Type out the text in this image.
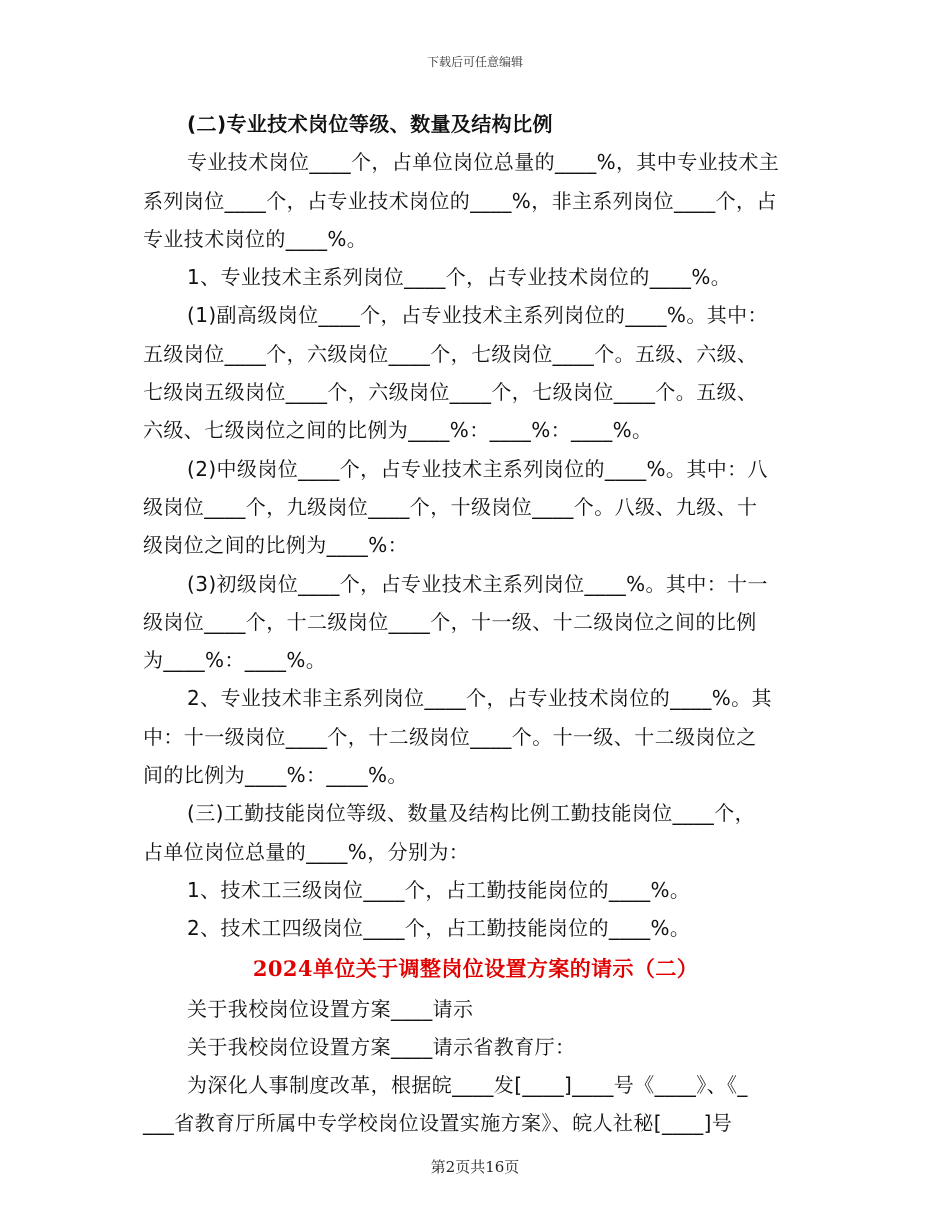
下载后可任意编辑
(二)专业技术岗位等级、数量及结构比例
专业技术岗位____个，占单位岗位总量的____%，其中专业技术主
系列岗位____个，占专业技术岗位的____%，非主系列岗位____个，占
专业技术岗位的____%。
1、专业技术主系列岗位____个，占专业技术岗位的____%。
(1)副高级岗位____个，占专业技术主系列岗位的____%。其中：
五级岗位____个，六级岗位____个，七级岗位____个。五级、六级、
七级岗五级岗位____个，六级岗位____个，七级岗位____个。五级、
六级、七级岗位之间的比例为____%：____%：____%。
(2)中级岗位____个，占专业技术主系列岗位的____%。其中：八
级岗位____个，九级岗位____个，十级岗位____个。八级、九级、十
级岗位之间的比例为____%：
(3)初级岗位____个，占专业技术主系列岗位____%。其中：十一
级岗位____个，十二级岗位____个，十一级、十二级岗位之间的比例
为____%：____%。
2、专业技术非主系列岗位____个，占专业技术岗位的____%。其
中：十一级岗位____个，十二级岗位____个。十一级、十二级岗位之
间的比例为____%：____%。
(三)工勤技能岗位等级、数量及结构比例工勤技能岗位____个，
占单位岗位总量的____%，分别为：
1、技术工三级岗位____个，占工勤技能岗位的____%。
2、技术工四级岗位____个，占工勤技能岗位的____%。
2024单位关于调整岗位设置方案的请示（二）
关于我校岗位设置方案____请示
关于我校岗位设置方案____请示省教育厅：
为深化人事制度改革，根据皖____发[____]____号《____》、《_
___省教育厅所属中专学校岗位设置实施方案》、皖人社秘[____]号
第2页共16页
